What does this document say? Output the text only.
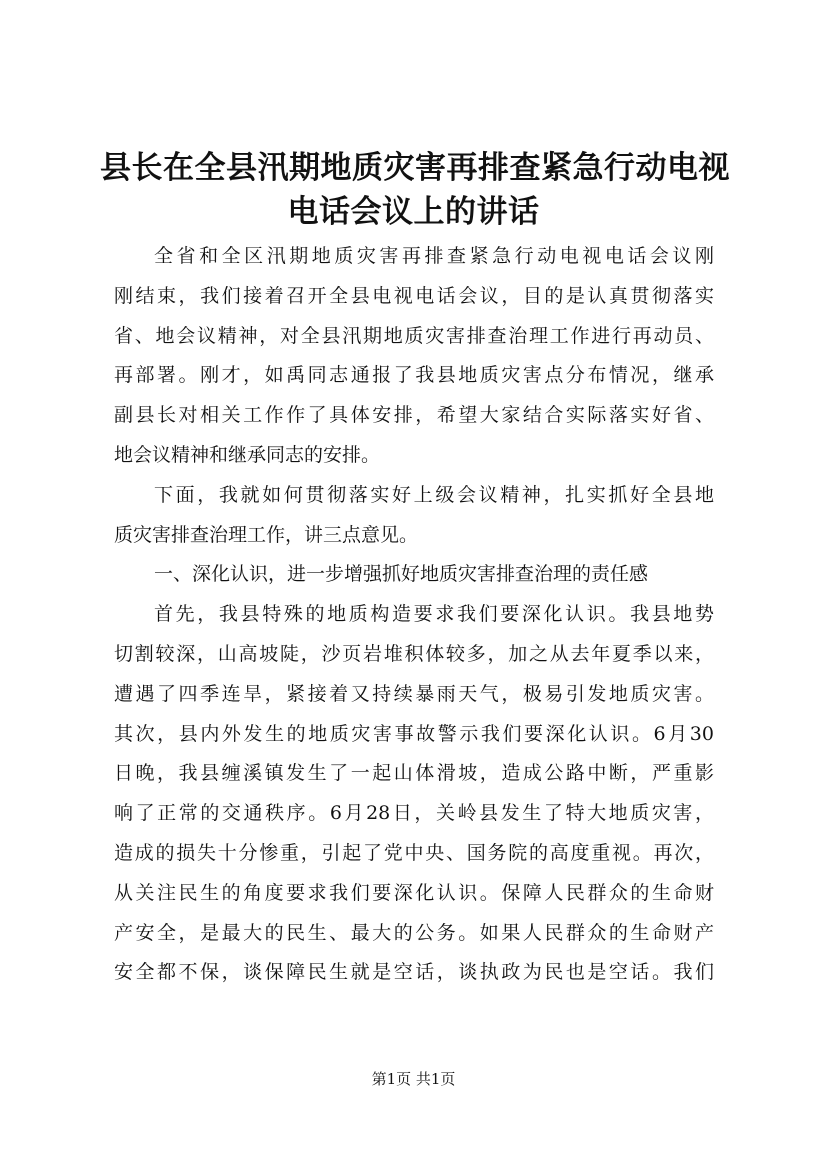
县长在全县汛期地质灾害再排查紧急行动电视
电话会议上的讲话
全省和全区汛期地质灾害再排查紧急行动电视电话会议刚
刚结束，我们接着召开全县电视电话会议，目的是认真贯彻落实
省、地会议精神，对全县汛期地质灾害排查治理工作进行再动员、
再部署。刚才，如禹同志通报了我县地质灾害点分布情况，继承
副县长对相关工作作了具体安排，希望大家结合实际落实好省、
地会议精神和继承同志的安排。
下面，我就如何贯彻落实好上级会议精神，扎实抓好全县地
质灾害排查治理工作，讲三点意见。
一、深化认识，进一步增强抓好地质灾害排查治理的责任感
首先，我县特殊的地质构造要求我们要深化认识。我县地势
切割较深，山高坡陡，沙页岩堆积体较多，加之从去年夏季以来，
遭遇了四季连旱，紧接着又持续暴雨天气，极易引发地质灾害。
其次，县内外发生的地质灾害事故警示我们要深化认识。6月30
日晚，我县缠溪镇发生了一起山体滑坡，造成公路中断，严重影
响了正常的交通秩序。6月28日，关岭县发生了特大地质灾害，
造成的损失十分惨重，引起了党中央、国务院的高度重视。再次，
从关注民生的角度要求我们要深化认识。保障人民群众的生命财
产安全，是最大的民生、最大的公务。如果人民群众的生命财产
安全都不保，谈保障民生就是空话，谈执政为民也是空话。我们
第1页 共1页
